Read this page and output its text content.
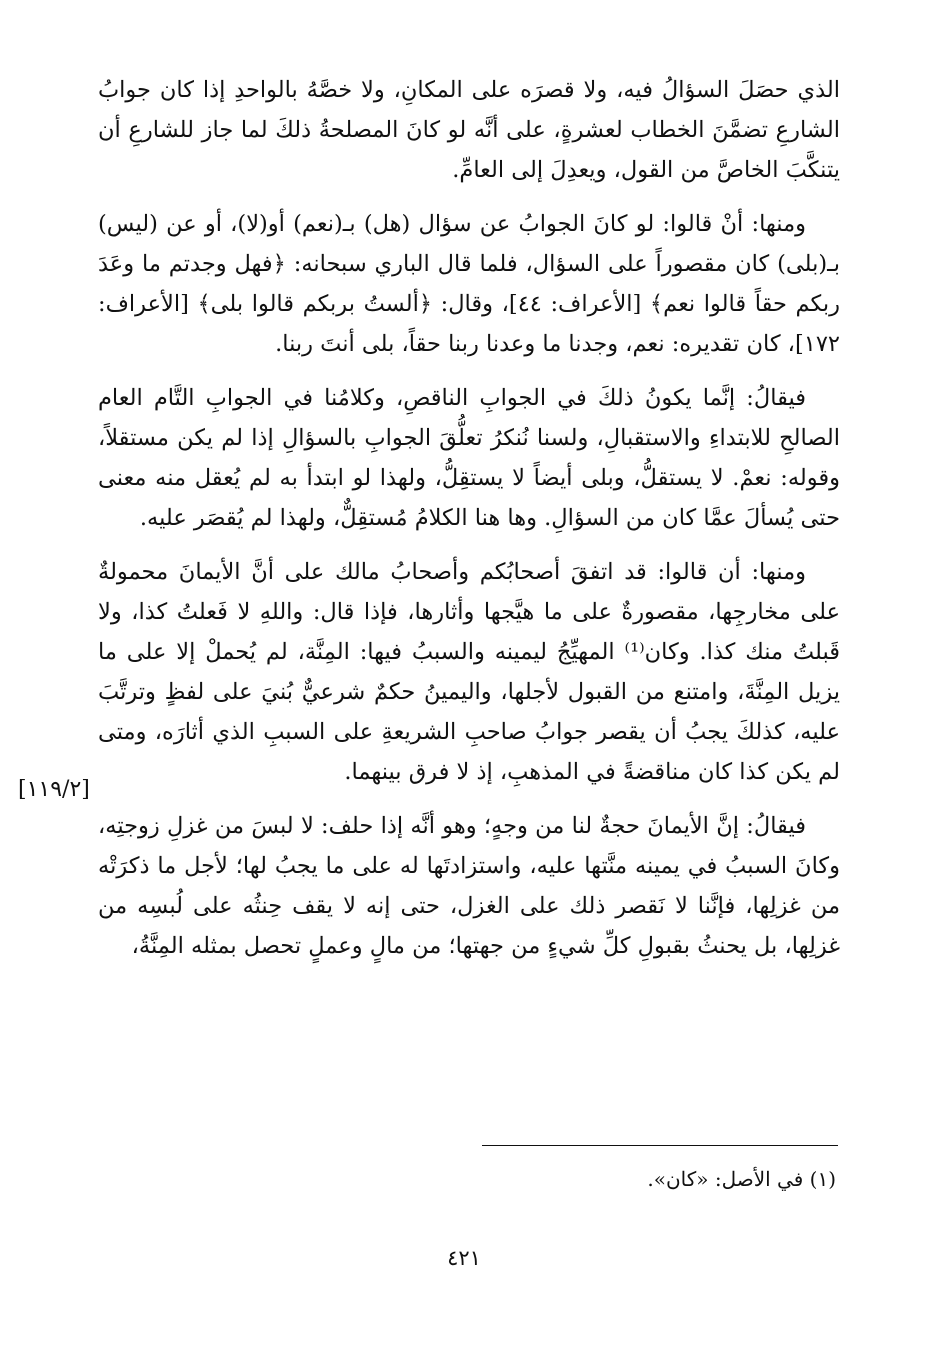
الذي حصَلَ السؤالُ فيه، ولا قصرَه على المكانِ، ولا خصَّهُ بالواحدِ إذا كان جوابُ الشارعِ تضمَّنَ الخطاب لعشرةٍ، على أنَّه لو كانَ المصلحةُ ذلكَ لما جاز للشارعِ أن يتنكَّبَ الخاصَّ من القول، ويعدِلَ إلى العامِّ.

ومنها: أنْ قالوا: لو كانَ الجوابُ عن سؤال (هل) بـ(نعم) أو(لا)، أو عن (ليس) بـ(بلى) كان مقصوراً على السؤال، فلما قال الباري سبحانه: ﴿فهل وجدتم ما وعَدَ ربكم حقاً قالوا نعم﴾ [الأعراف: ٤٤]، وقال: ﴿ألستُ بربكم قالوا بلى﴾ [الأعراف: ١٧٢]، كان تقديره: نعم، وجدنا ما وعدنا ربنا حقاً، بلى أنتَ ربنا.

فيقالُ: إنَّما يكونُ ذلكَ في الجوابِ الناقصِ، وكلامُنا في الجوابِ التَّام العام الصالحِ للابتداءِ والاستقبالِ، ولسنا نُنكرُ تعلُّقَ الجوابِ بالسؤالِ إذا لم يكن مستقلاً، وقوله: نعمْ. لا يستقلُّ، وبلى أيضاً لا يستقِلُّ، ولهذا لو ابتدأ به لم يُعقل منه معنى حتى يُسألَ عمَّا كان من السؤالِ. وها هنا الكلامُ مُستقِلٌّ، ولهذا لم يُقصَر عليه.

ومنها: أن قالوا: قد اتفقَ أصحابُكم وأصحابُ مالك على أنَّ الأيمانَ محمولةٌ على مخارجِها، مقصورةٌ على ما هيَّجها وأثارها، فإذا قال: واللهِ لا فَعلتُ كذا، ولا قَبلتُ منك كذا. وكان⁽¹⁾ المهيِّجُ ليمينه والسببُ فيها: المِنَّة، لم يُحملْ إلا على ما يزيل المِنَّةَ، وامتنع من القبول لأجلها، واليمينُ حكمٌ شرعيٌّ بُنيَ على لفظٍ وترتَّبَ عليه، كذلكَ يجبُ أن يقصر جوابُ صاحبِ الشريعةِ على السببِ الذي أثارَه، ومتى لم يكن كذا كان مناقضةً في المذهبِ، إذ لا فرق بينهما.

فيقالُ: إنَّ الأيمانَ حجةٌ لنا من وجهٍ؛ وهو أنَّه إذا حلف: لا لبسَ من غزلِ زوجتِه، وكانَ السببُ في يمينه منَّتها عليه، واستزادتَها له على ما يجبُ لها؛ لأجل ما ذكرَتْه من غزلِها، فإنَّنا لا نَقصر ذلك على الغزل، حتى إنه لا يقف حِنثُه على لُبسِه من غزلِها، بل يحنثُ بقبولِ كلِّ شيءٍ من جهتها؛ من مالٍ وعملٍ تحصل بمثله المِنَّةُ،

[١١٩/٢]
(١) في الأصل: «كان».
٤٢١
